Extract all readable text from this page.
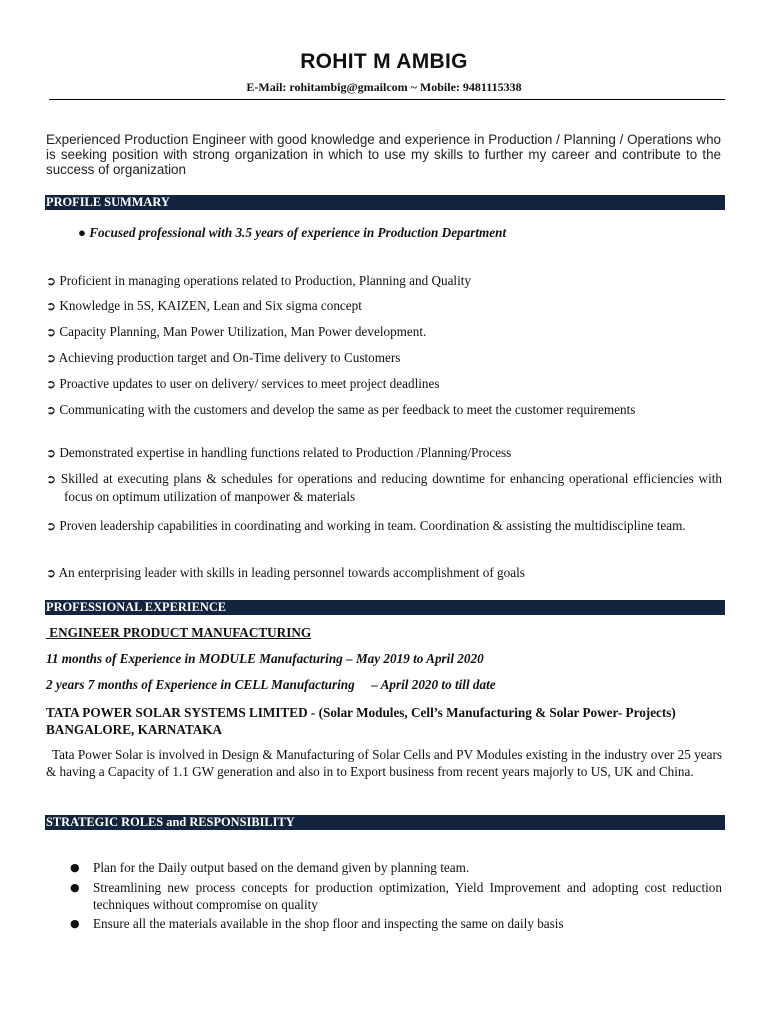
ROHIT M AMBIG
E-Mail: rohitambig@gmailcom ~ Mobile: 9481115338
Experienced Production Engineer with good knowledge and experience in Production / Planning / Operations who is seeking position with strong organization in which to use my skills to further my career and contribute to the success of organization
PROFILE SUMMARY
● Focused professional with 3.5 years of experience in Production Department
➲ Proficient in managing operations related to Production, Planning and Quality
➲ Knowledge in 5S, KAIZEN, Lean and Six sigma concept
➲ Capacity Planning, Man Power Utilization, Man Power development.
➲ Achieving production target and On-Time delivery to Customers
➲ Proactive updates to user on delivery/ services to meet project deadlines
➲ Communicating with the customers and develop the same as per feedback to meet the customer requirements
➲ Demonstrated expertise in handling functions related to Production /Planning/Process
➲ Skilled at executing plans & schedules for operations and reducing downtime for enhancing operational efficiencies with focus on optimum utilization of manpower & materials
➲ Proven leadership capabilities in coordinating and working in team. Coordination & assisting the multidiscipline team.
➲ An enterprising leader with skills in leading personnel towards accomplishment of goals
PROFESSIONAL EXPERIENCE
ENGINEER PRODUCT MANUFACTURING
11 months of Experience in MODULE Manufacturing – May 2019 to April 2020
2 years 7 months of Experience in CELL Manufacturing     – April 2020 to till date
TATA POWER SOLAR SYSTEMS LIMITED - (Solar Modules, Cell’s Manufacturing & Solar Power- Projects)
BANGALORE, KARNATAKA
Tata Power Solar is involved in Design & Manufacturing of Solar Cells and PV Modules existing in the industry over 25 years & having a Capacity of 1.1 GW generation and also in to Export business from recent years majorly to US, UK and China.
STRATEGIC ROLES and RESPONSIBILITY
● Plan for the Daily output based on the demand given by planning team.
● Streamlining new process concepts for production optimization, Yield Improvement and adopting cost reduction techniques without compromise on quality
● Ensure all the materials available in the shop floor and inspecting the same on daily basis
